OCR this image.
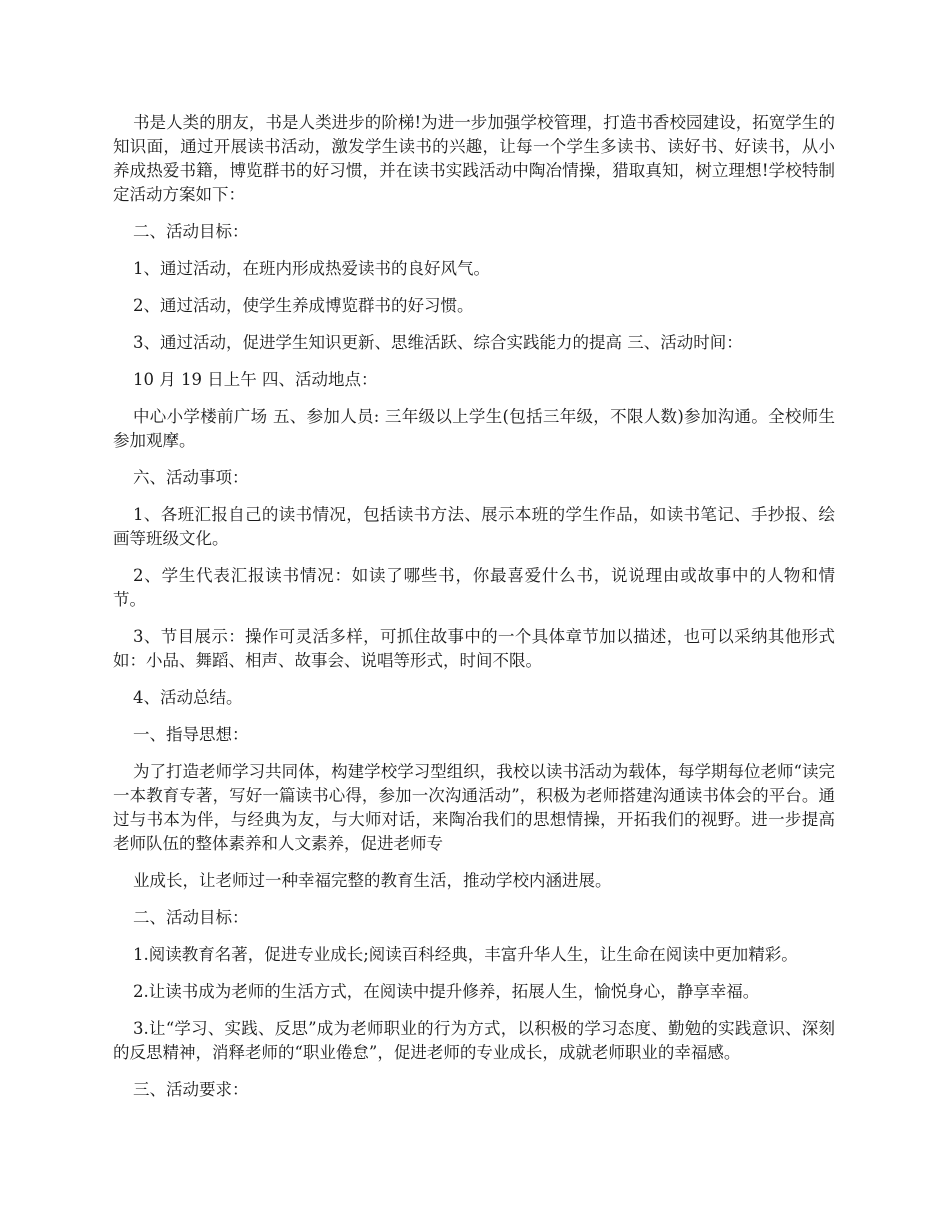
书是人类的朋友，书是人类进步的阶梯!为进一步加强学校管理，打造书香校园建设，拓宽学生的知识面，通过开展读书活动，激发学生读书的兴趣，让每一个学生多读书、读好书、好读书，从小养成热爱书籍，博览群书的好习惯，并在读书实践活动中陶冶情操，猎取真知，树立理想!学校特制定活动方案如下：

二、活动目标：

1、通过活动，在班内形成热爱读书的良好风气。

2、通过活动，使学生养成博览群书的好习惯。

3、通过活动，促进学生知识更新、思维活跃、综合实践能力的提高 三、活动时间：

10 月 19 日上午 四、活动地点：

中心小学楼前广场 五、参加人员: 三年级以上学生(包括三年级，不限人数)参加沟通。全校师生参加观摩。

六、活动事项：

1、各班汇报自己的读书情况，包括读书方法、展示本班的学生作品，如读书笔记、手抄报、绘画等班级文化。

2、学生代表汇报读书情况：如读了哪些书，你最喜爱什么书，说说理由或故事中的人物和情节。

3、节目展示：操作可灵活多样，可抓住故事中的一个具体章节加以描述，也可以采纳其他形式如：小品、舞蹈、相声、故事会、说唱等形式，时间不限。

4、活动总结。

一、指导思想：

为了打造老师学习共同体，构建学校学习型组织，我校以读书活动为载体，每学期每位老师“读完一本教育专著，写好一篇读书心得，参加一次沟通活动”，积极为老师搭建沟通读书体会的平台。通过与书本为伴，与经典为友，与大师对话，来陶冶我们的思想情操，开拓我们的视野。进一步提高老师队伍的整体素养和人文素养，促进老师专

业成长，让老师过一种幸福完整的教育生活，推动学校内涵进展。

二、活动目标：

1.阅读教育名著，促进专业成长;阅读百科经典，丰富升华人生，让生命在阅读中更加精彩。

2.让读书成为老师的生活方式，在阅读中提升修养，拓展人生，愉悦身心，静享幸福。

3.让“学习、实践、反思”成为老师职业的行为方式，以积极的学习态度、勤勉的实践意识、深刻的反思精神，消释老师的“职业倦怠”，促进老师的专业成长，成就老师职业的幸福感。

三、活动要求：
